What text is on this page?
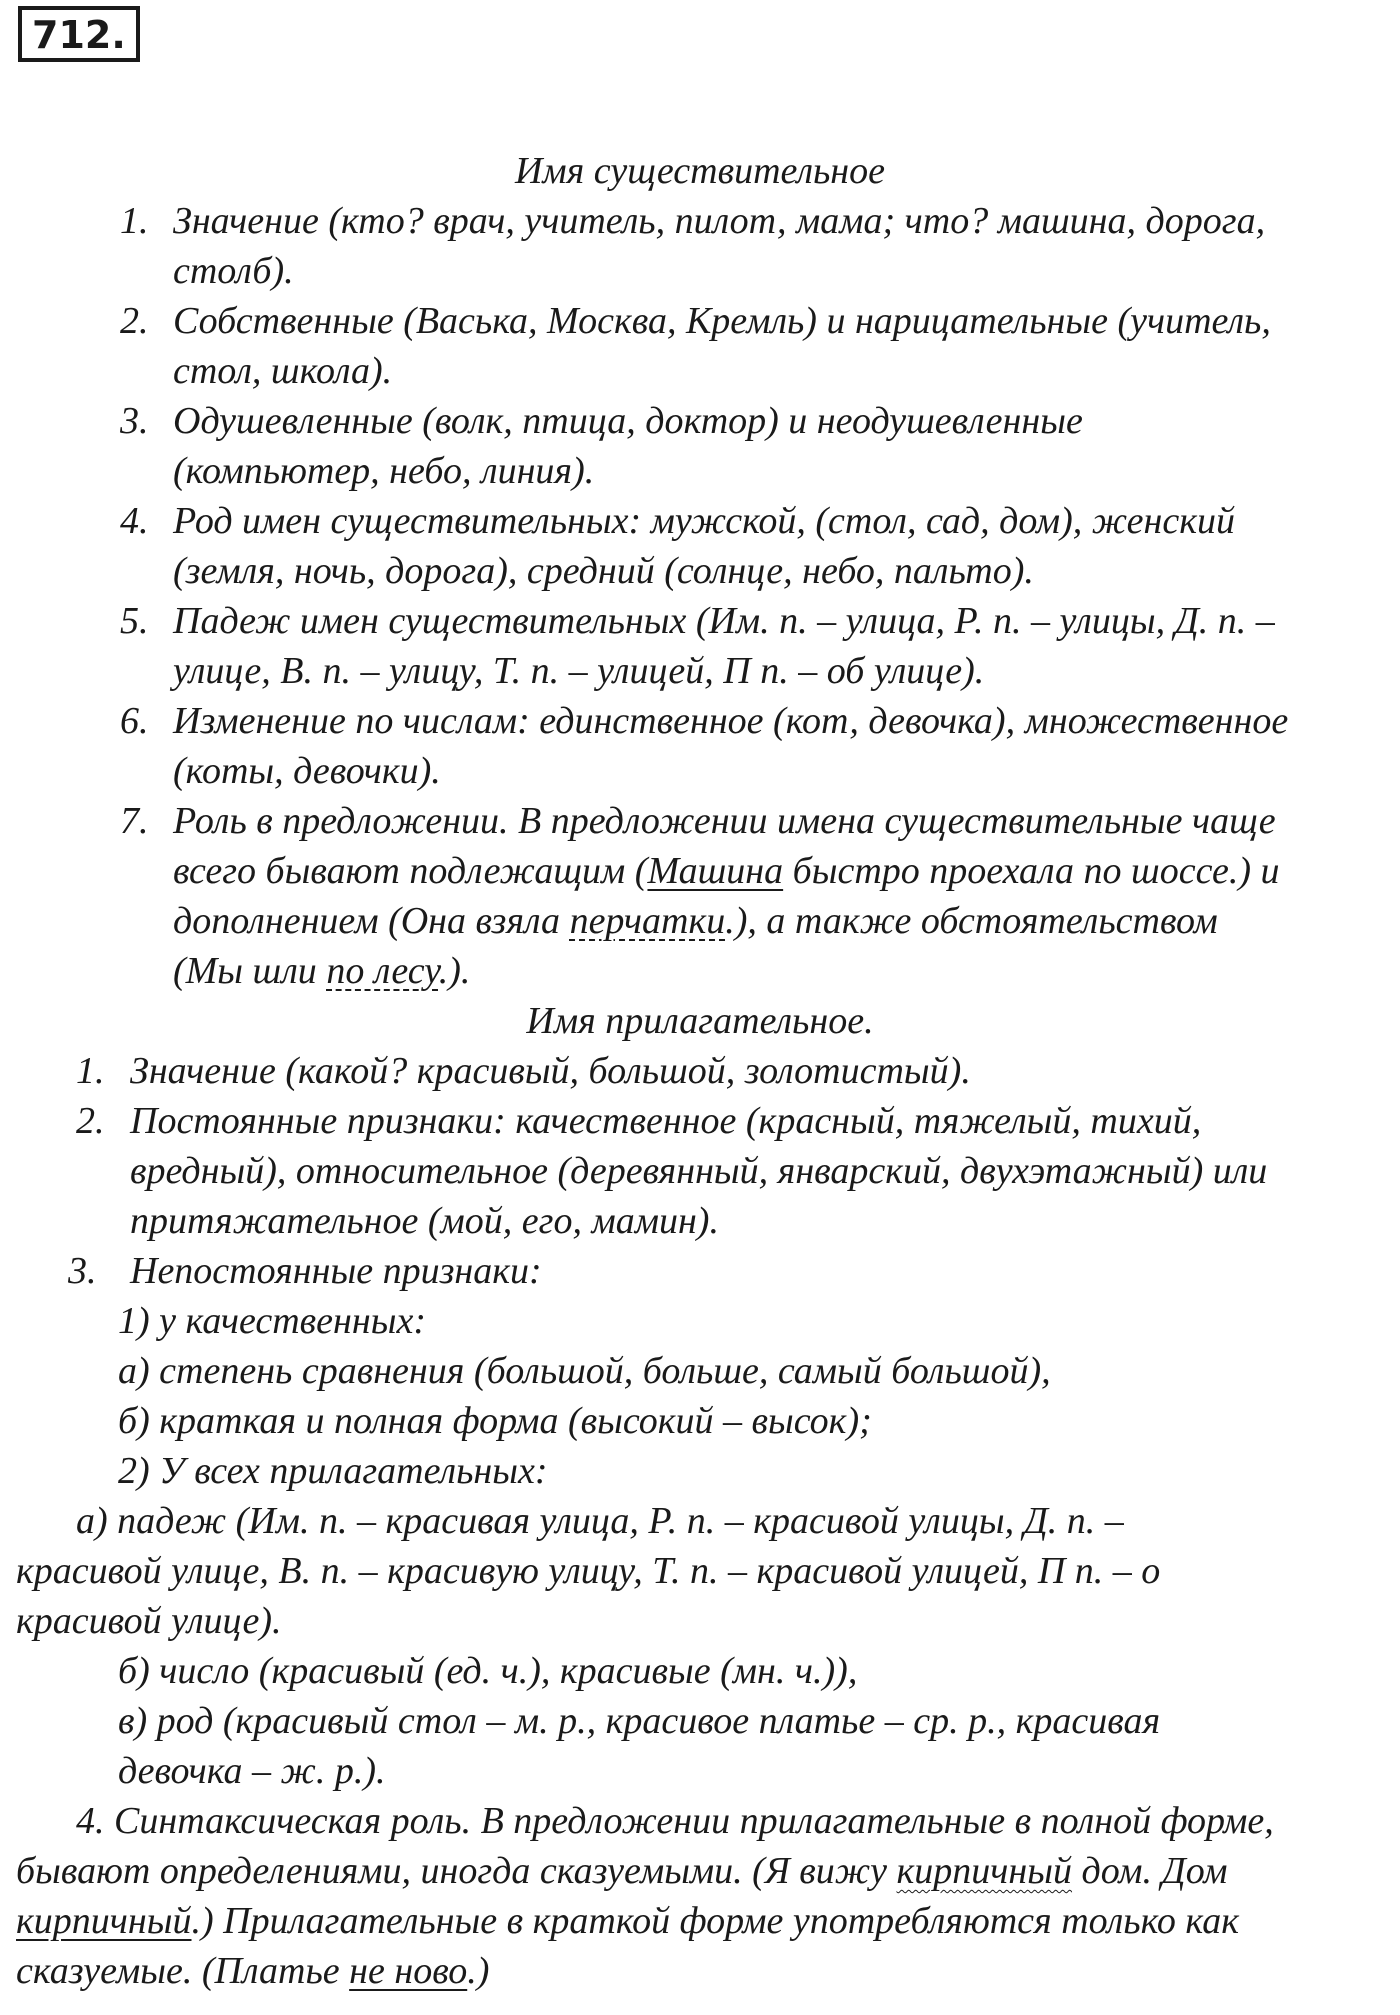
712.
Имя существительное
1. Значение (кто? врач, учитель, пилот, мама; что? машина, дорога,
столб).
2. Собственные (Васька, Москва, Кремль) и нарицательные (учитель,
стол, школа).
3. Одушевленные (волк, птица, доктор) и неодушевленные
(компьютер, небо, линия).
4. Род имен существительных: мужской, (стол, сад, дом), женский
(земля, ночь, дорога), средний (солнце, небо, пальто).
5. Падеж имен существительных (Им. п. – улица, Р. п. – улицы, Д. п. –
улице, В. п. – улицу, Т. п. – улицей, П п. – об улице).
6. Изменение по числам: единственное (кот, девочка), множественное
(коты, девочки).
7. Роль в предложении. В предложении имена существительные чаще
всего бывают подлежащим (Машина быстро проехала по шоссе.) и
дополнением (Она взяла перчатки.), а также обстоятельством
(Мы шли по лесу.).
Имя прилагательное.
1. Значение (какой? красивый, большой, золотистый).
2. Постоянные признаки: качественное (красный, тяжелый, тихий,
вредный), относительное (деревянный, январский, двухэтажный) или
притяжательное (мой, его, мамин).
3. Непостоянные признаки:
1) у качественных:
а) степень сравнения (большой, больше, самый большой),
б) краткая и полная форма (высокий – высок);
2) У всех прилагательных:
а) падеж (Им. п. – красивая улица, Р. п. – красивой улицы, Д. п. –
красивой улице, В. п. – красивую улицу, Т. п. – красивой улицей, П п. – о
красивой улице).
б) число (красивый (ед. ч.), красивые (мн. ч.)),
в) род (красивый стол – м. р., красивое платье – ср. р., красивая
девочка – ж. р.).
4. Синтаксическая роль. В предложении прилагательные в полной форме,
бывают определениями, иногда сказуемыми. (Я вижу кирпичный дом. Дом
кирпичный.) Прилагательные в краткой форме употребляются только как
сказуемые. (Платье не ново.)
